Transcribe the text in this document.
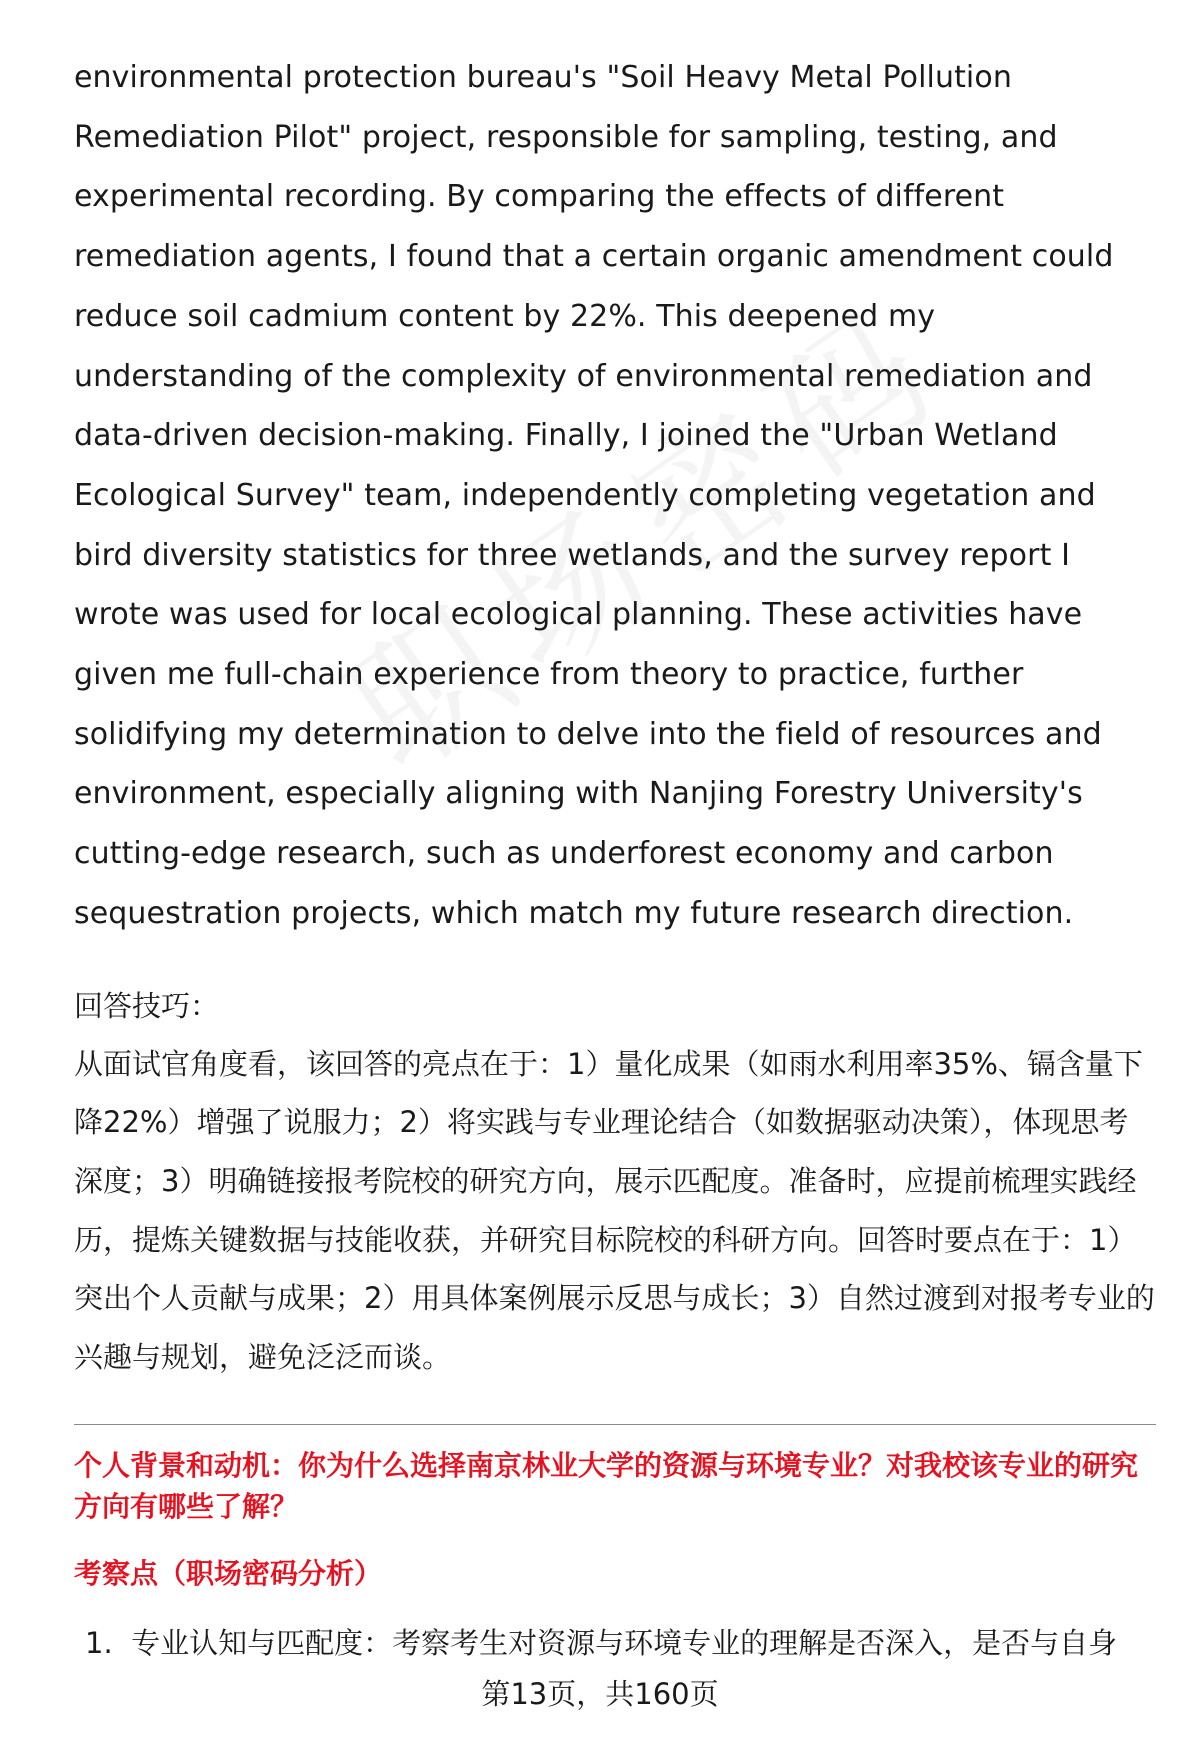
environmental protection bureau's "Soil Heavy Metal Pollution Remediation Pilot" project, responsible for sampling, testing, and experimental recording. By comparing the effects of different remediation agents, I found that a certain organic amendment could reduce soil cadmium content by 22%. This deepened my understanding of the complexity of environmental remediation and data-driven decision-making. Finally, I joined the "Urban Wetland Ecological Survey" team, independently completing vegetation and bird diversity statistics for three wetlands, and the survey report I wrote was used for local ecological planning. These activities have given me full-chain experience from theory to practice, further solidifying my determination to delve into the field of resources and environment, especially aligning with Nanjing Forestry University's cutting-edge research, such as underforest economy and carbon sequestration projects, which match my future research direction.

回答技巧：

从面试官角度看，该回答的亮点在于：1）量化成果（如雨水利用率35%、镉含量下降22%）增强了说服力；2）将实践与专业理论结合（如数据驱动决策），体现思考深度；3）明确链接报考院校的研究方向，展示匹配度。准备时，应提前梳理实践经历，提炼关键数据与技能收获，并研究目标院校的科研方向。回答时要点在于：1）突出个人贡献与成果；2）用具体案例展示反思与成长；3）自然过渡到对报考专业的兴趣与规划，避免泛泛而谈。

个人背景和动机：你为什么选择南京林业大学的资源与环境专业？对我校该专业的研究方向有哪些了解？

考察点（职场密码分析）

1. 专业认知与匹配度：考察考生对资源与环境专业的理解是否深入，是否与自身
第13页，共160页
